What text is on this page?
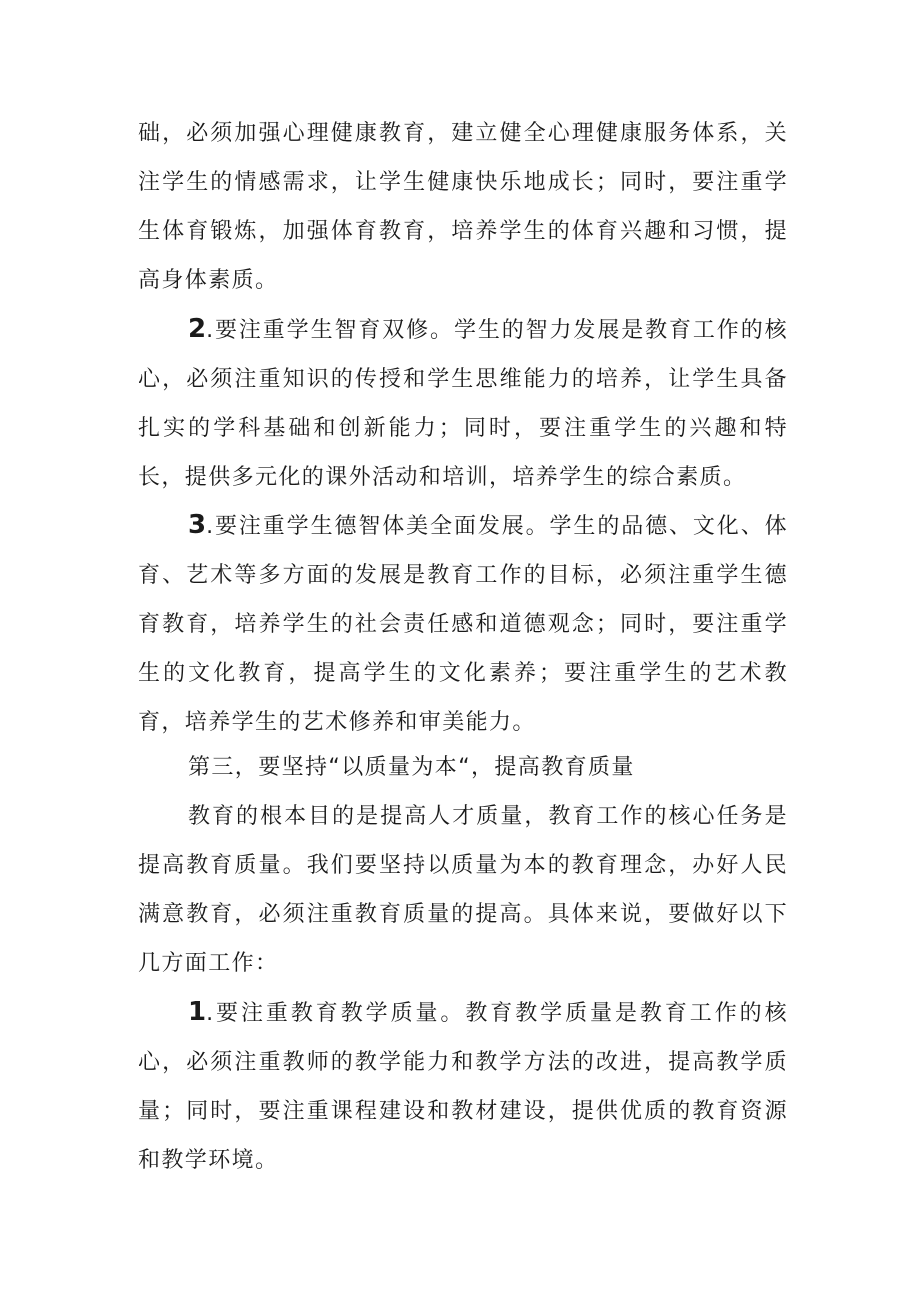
础，必须加强心理健康教育，建立健全心理健康服务体系，关注学生的情感需求，让学生健康快乐地成长；同时，要注重学生体育锻炼，加强体育教育，培养学生的体育兴趣和习惯，提高身体素质。

2.要注重学生智育双修。学生的智力发展是教育工作的核心，必须注重知识的传授和学生思维能力的培养，让学生具备扎实的学科基础和创新能力；同时，要注重学生的兴趣和特长，提供多元化的课外活动和培训，培养学生的综合素质。

3.要注重学生德智体美全面发展。学生的品德、文化、体育、艺术等多方面的发展是教育工作的目标，必须注重学生德育教育，培养学生的社会责任感和道德观念；同时，要注重学生的文化教育，提高学生的文化素养；要注重学生的艺术教育，培养学生的艺术修养和审美能力。

第三，要坚持“以质量为本“，提高教育质量

教育的根本目的是提高人才质量，教育工作的核心任务是提高教育质量。我们要坚持以质量为本的教育理念，办好人民满意教育，必须注重教育质量的提高。具体来说，要做好以下几方面工作：

1.要注重教育教学质量。教育教学质量是教育工作的核心，必须注重教师的教学能力和教学方法的改进，提高教学质量；同时，要注重课程建设和教材建设，提供优质的教育资源和教学环境。
